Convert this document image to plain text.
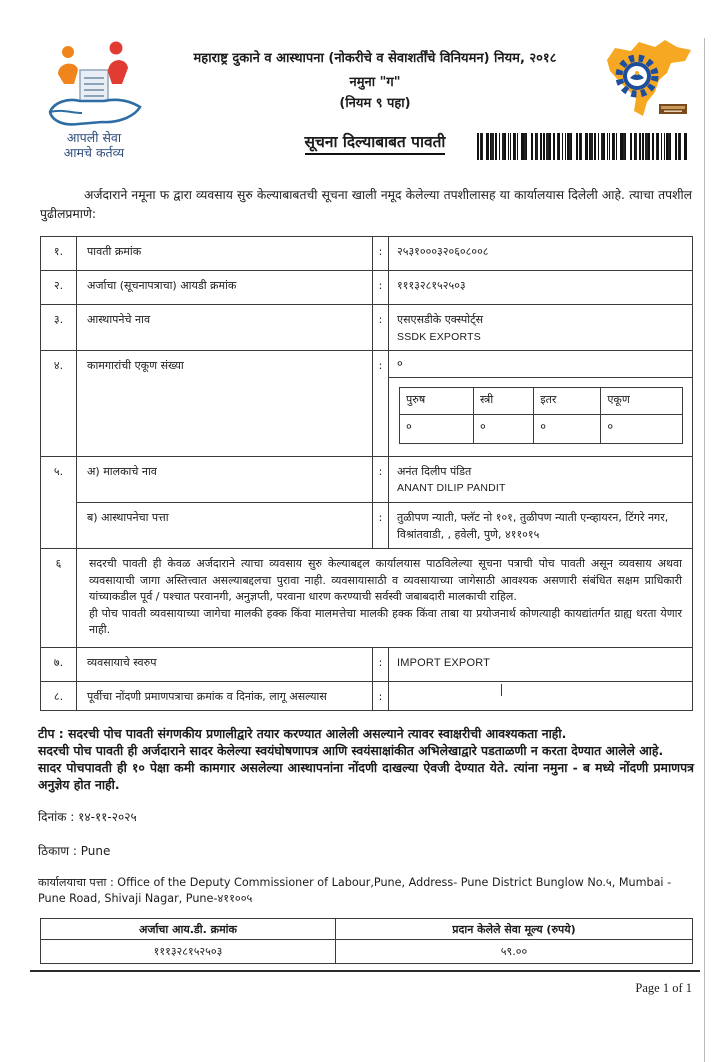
आपली सेवा
आमचे कर्तव्य
महाराष्ट्र दुकाने व आस्थापना (नोकरीचे व सेवाशर्तींचे विनियमन) नियम, २०१८
नमुना "ग"
(नियम ९ पहा)
सूचना दिल्याबाबत पावती

अर्जदाराने नमूना फ द्वारा व्यवसाय सुरु केल्याबाबतची सूचना खाली नमूद केलेल्या तपशीलासह या कार्यालयास दिलेली आहे. त्याचा तपशील पुढीलप्रमाणे:

१.	पावती क्रमांक	:	२५३१०००३२०६०८००८
२.	अर्जाचा (सूचनापत्राचा) आयडी क्रमांक	:	१११३२८१५२५०३
३.	आस्थापनेचे नाव	:	एसएसडीके एक्स्पोर्ट्स
SSDK EXPORTS

४.	कामगारांची एकूण संख्या	:	०
पुरुष	स्त्री	इतर	एकूण
०	०	०	०

५.	अ) मालकाचे नाव	:	अनंत दिलीप पंडित
ANANT DILIP PANDIT

ब) आस्थापनेचा पत्ता	:	तुळीपण न्याती, फ्लॅट नो १०१, तुळीपण न्याती एन्व्हायरन, टिंगरे नगर, विश्रांतवाडी, , हवेली, पुणे, ४११०१५
६	सदरची पावती ही केवळ अर्जदाराने त्याचा व्यवसाय सुरु केल्याबद्दल कार्यालयास पाठविलेल्या सूचना पत्राची पोच पावती असून व्यवसाय अथवा व्यवसायाची जागा अस्तित्त्वात असल्याबद्दलचा पुरावा नाही. व्यवसायासाठी व व्यवसायाच्या जागेसाठी आवश्यक असणारी संबंधित सक्षम प्राधिकारी यांच्याकडील पूर्व / पश्चात परवानगी, अनुज्ञप्ती, परवाना धारण करण्याची सर्वस्वी जबाबदारी मालकाची राहिल.

ही पोच पावती व्यवसायाच्या जागेचा मालकी हक्क किंवा मालमत्तेचा मालकी हक्क किंवा ताबा या प्रयोजनार्थ कोणत्याही कायद्यांतर्गत ग्राह्य धरता येणार नाही.

७.	व्यवसायाचे स्वरुप	:	IMPORT EXPORT
८.	पूर्वीचा नोंदणी प्रमाणपत्राचा क्रमांक व दिनांक, लागू असल्यास	:	
टीप : सदरची पोच पावती संगणकीय प्रणालीद्वारे तयार करण्यात आलेली असल्याने त्यावर स्वाक्षरीची आवश्यकता नाही.
सदरची पोच पावती ही अर्जदाराने सादर केलेल्या स्वयंघोषणापत्र आणि स्वयंसाक्षांकीत अभिलेखाद्वारे पडताळणी न करता देण्यात आलेले आहे.
सादर पोचपावती ही १० पेक्षा कमी कामगार असलेल्या आस्थापनांना नोंदणी दाखल्या ऐवजी देण्यात येते. त्यांना नमुना - ब मध्ये नोंदणी प्रमाणपत्र अनुज्ञेय होत नाही.
दिनांक : १४-११-२०२५
ठिकाण : Pune
कार्यालयाचा पत्ता : Office of the Deputy Commissioner of Labour,Pune, Address- Pune District Bunglow No.५, Mumbai - Pune Road, Shivaji Nagar, Pune-४११००५
अर्जाचा आय.डी. क्रमांक	प्रदान केलेले सेवा मूल्य (रुपये)
१११३२८१५२५०३	५९.००
Page 1 of 1
